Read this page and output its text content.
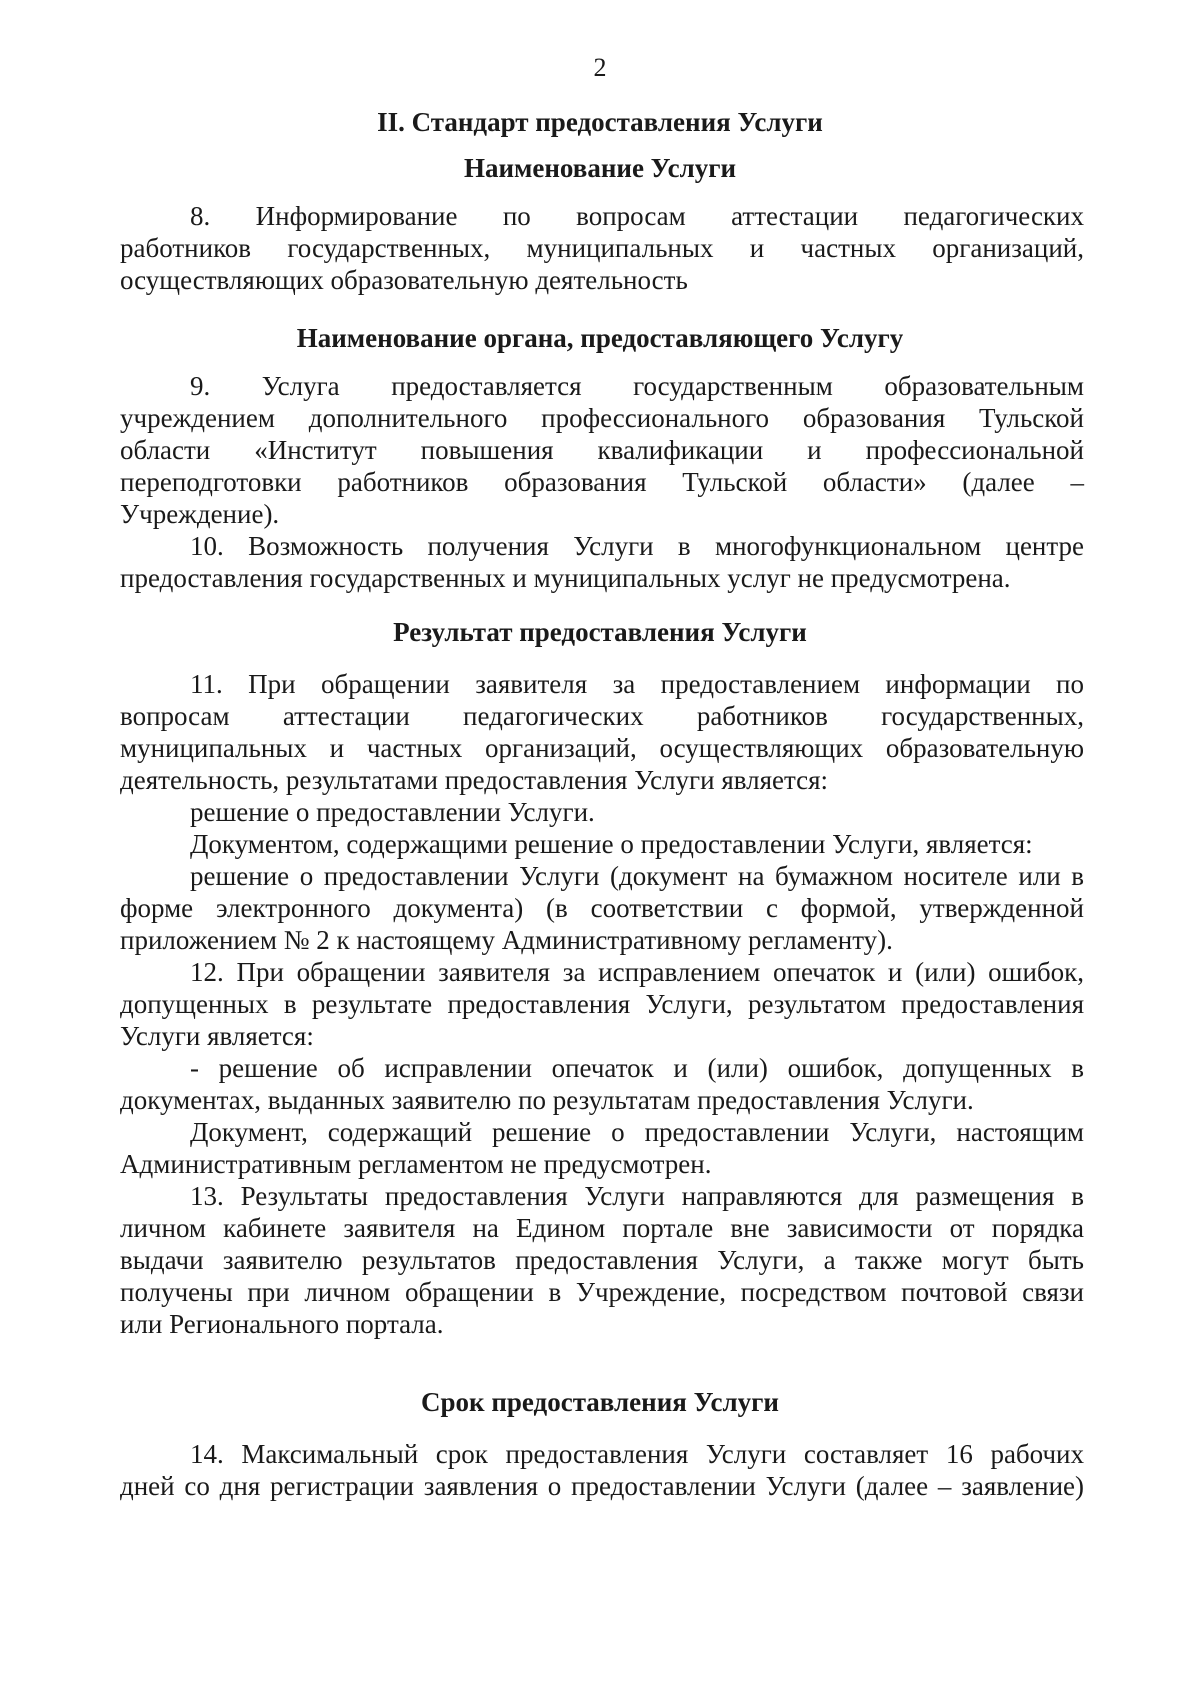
2
II. Стандарт предоставления Услуги
Наименование Услуги
8. Информирование по вопросам аттестации педагогических
работников государственных, муниципальных и частных организаций,
осуществляющих образовательную деятельность
Наименование органа, предоставляющего Услугу
9. Услуга предоставляется государственным образовательным
учреждением дополнительного профессионального образования Тульской
области «Институт повышения квалификации и профессиональной
переподготовки работников образования Тульской области» (далее –
Учреждение).
10. Возможность получения Услуги в многофункциональном центре
предоставления государственных и муниципальных услуг не предусмотрена.
Результат предоставления Услуги
11. При обращении заявителя за предоставлением информации по
вопросам аттестации педагогических работников государственных,
муниципальных и частных организаций, осуществляющих образовательную
деятельность, результатами предоставления Услуги является:
решение о предоставлении Услуги.
Документом, содержащими решение о предоставлении Услуги, является:
решение о предоставлении Услуги (документ на бумажном носителе или в
форме электронного документа) (в соответствии с формой, утвержденной
приложением № 2 к настоящему Административному регламенту).
12. При обращении заявителя за исправлением опечаток и (или) ошибок,
допущенных в результате предоставления Услуги, результатом предоставления
Услуги является:
- решение об исправлении опечаток и (или) ошибок, допущенных в
документах, выданных заявителю по результатам предоставления Услуги.
Документ, содержащий решение о предоставлении Услуги, настоящим
Административным регламентом не предусмотрен.
13. Результаты предоставления Услуги направляются для размещения в
личном кабинете заявителя на Едином портале вне зависимости от порядка
выдачи заявителю результатов предоставления Услуги, а также могут быть
получены при личном обращении в Учреждение, посредством почтовой связи
или Регионального портала.
Срок предоставления Услуги
14. Максимальный срок предоставления Услуги составляет 16 рабочих
дней со дня регистрации заявления о предоставлении Услуги (далее – заявление)
